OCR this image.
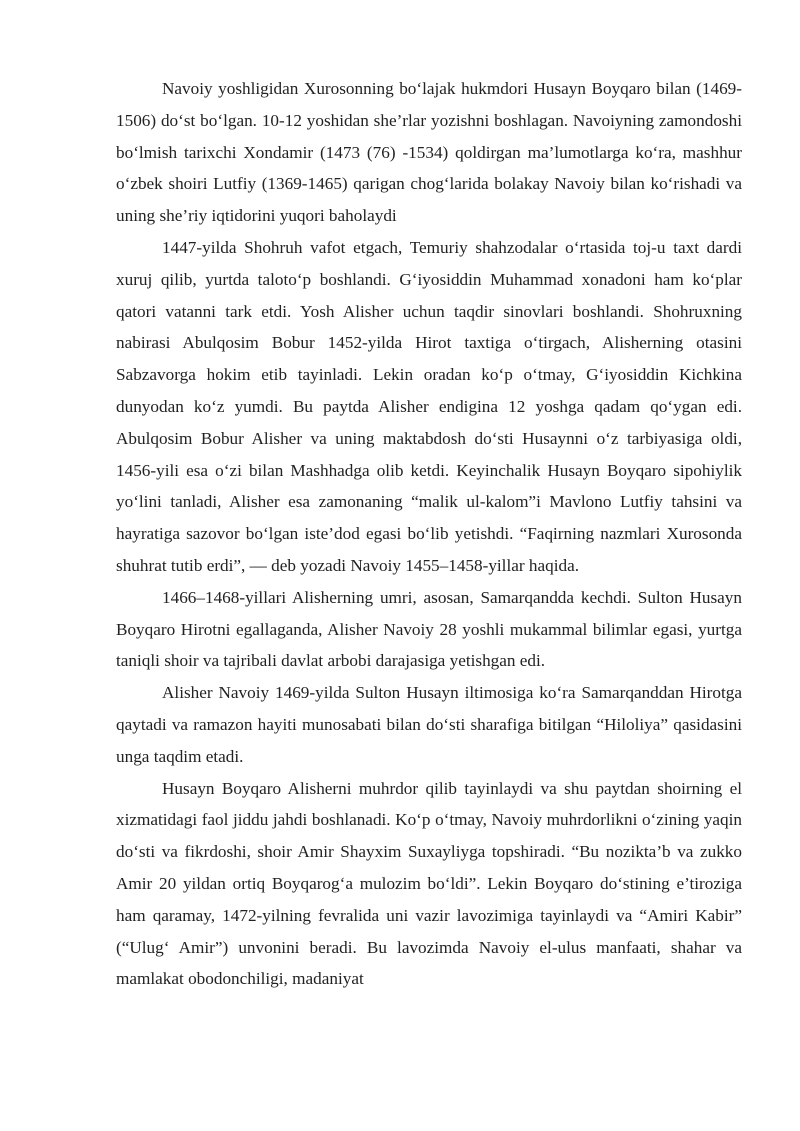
Navoiy yoshligidan Xurosonning bo‘lajak hukmdori Husayn Boyqaro bilan (1469-1506) do‘st bo‘lgan. 10-12 yoshidan she’rlar yozishni boshlagan. Navoiyning zamondoshi bo‘lmish tarixchi Xondamir (1473 (76) -1534) qoldirgan ma’lumotlarga ko‘ra, mashhur o‘zbek shoiri Lutfiy (1369-1465) qarigan chog‘larida bolakay Navoiy bilan ko‘rishadi va uning she’riy iqtidorini yuqori baholaydi

1447-yilda Shohruh vafot etgach, Temuriy shahzodalar o‘rtasida toj-u taxt dardi xuruj qilib, yurtda taloto‘p boshlandi. G‘iyosiddin Muhammad xonadoni ham ko‘plar qatori vatanni tark etdi. Yosh Alisher uchun taqdir sinovlari boshlandi. Shohruxning nabirasi Abulqosim Bobur 1452-yilda Hirot taxtiga o‘tirgach, Alisherning otasini Sabzavorga hokim etib tayinladi. Lekin oradan ko‘p o‘tmay, G‘iyosiddin Kichkina dunyodan ko‘z yumdi. Bu paytda Alisher endigina 12 yoshga qadam qo‘ygan edi. Abulqosim Bobur Alisher va uning maktabdosh do‘sti Husaynni o‘z tarbiyasiga oldi, 1456-yili esa o‘zi bilan Mashhadga olib ketdi. Keyinchalik Husayn Boyqaro sipohiylik yo‘lini tanladi, Alisher esa zamonaning “malik ul-kalom”i Mavlono Lutfiy tahsini va hayratiga sazovor bo‘lgan iste’dod egasi bo‘lib yetishdi. “Faqirning nazmlari Xurosonda shuhrat tutib erdi”, — deb yozadi Navoiy 1455–1458-yillar haqida.

1466–1468-yillari Alisherning umri, asosan, Samarqandda kechdi. Sulton Husayn Boyqaro Hirotni egallaganda, Alisher Navoiy 28 yoshli mukammal bilimlar egasi, yurtga taniqli shoir va tajribali davlat arbobi darajasiga yetishgan edi.

Alisher Navoiy 1469-yilda Sulton Husayn iltimosiga ko‘ra Samarqanddan Hirotga qaytadi va ramazon hayiti munosabati bilan do‘sti sharafiga bitilgan “Hiloliya” qasidasini unga taqdim etadi.

Husayn Boyqaro Alisherni muhrdor qilib tayinlaydi va shu paytdan shoirning el xizmatidagi faol jiddu jahdi boshlanadi. Ko‘p o‘tmay, Navoiy muhrdorlikni o‘zining yaqin do‘sti va fikrdoshi, shoir Amir Shayxim Suxayliyga topshiradi. “Bu nozikta’b va zukko Amir 20 yildan ortiq Boyqarog‘a mulozim bo‘ldi”. Lekin Boyqaro do‘stining e’tiroziga ham qaramay, 1472-yilning fevralida uni vazir lavozimiga tayinlaydi va “Amiri Kabir” (“Ulug‘ Amir”) unvonini beradi. Bu lavozimda Navoiy el-ulus manfaati, shahar va mamlakat obodonchiligi, madaniyat
